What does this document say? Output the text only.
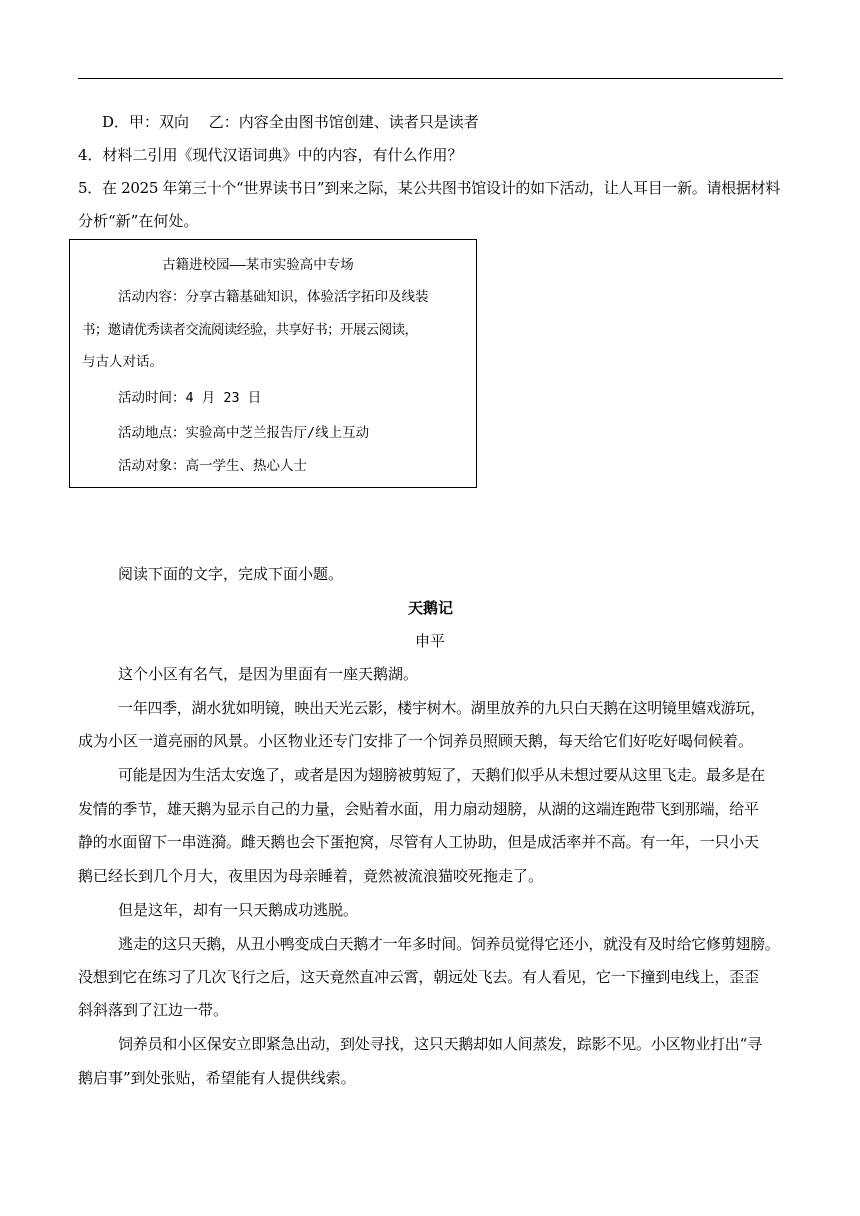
D．甲：双向　 乙：内容全由图书馆创建、读者只是读者
4．材料二引用《现代汉语词典》中的内容，有什么作用？
5．在 2025 年第三十个“世界读书日”到来之际，某公共图书馆设计的如下活动，让人耳目一新。请根据材料
分析“新”在何处。
古籍进校园——某市实验高中专场
活动内容：分享古籍基础知识，体验活字拓印及线装
书；邀请优秀读者交流阅读经验，共享好书；开展云阅读，
与古人对话。
活动时间：4 月 23 日
活动地点：实验高中芝兰报告厅/线上互动
活动对象：高一学生、热心人士
阅读下面的文字，完成下面小题。
天鹅记
申平
这个小区有名气，是因为里面有一座天鹅湖。
一年四季，湖水犹如明镜，映出天光云影，楼宇树木。湖里放养的九只白天鹅在这明镜里嬉戏游玩，
成为小区一道亮丽的风景。小区物业还专门安排了一个饲养员照顾天鹅，每天给它们好吃好喝伺候着。
可能是因为生活太安逸了，或者是因为翅膀被剪短了，天鹅们似乎从未想过要从这里飞走。最多是在
发情的季节，雄天鹅为显示自己的力量，会贴着水面，用力扇动翅膀，从湖的这端连跑带飞到那端，给平
静的水面留下一串涟漪。雌天鹅也会下蛋抱窝，尽管有人工协助，但是成活率并不高。有一年，一只小天
鹅已经长到几个月大，夜里因为母亲睡着，竟然被流浪猫咬死拖走了。
但是这年，却有一只天鹅成功逃脱。
逃走的这只天鹅，从丑小鸭变成白天鹅才一年多时间。饲养员觉得它还小，就没有及时给它修剪翅膀。
没想到它在练习了几次飞行之后，这天竟然直冲云霄，朝远处飞去。有人看见，它一下撞到电线上，歪歪
斜斜落到了江边一带。
饲养员和小区保安立即紧急出动，到处寻找，这只天鹅却如人间蒸发，踪影不见。小区物业打出“寻
鹅启事”到处张贴，希望能有人提供线索。
